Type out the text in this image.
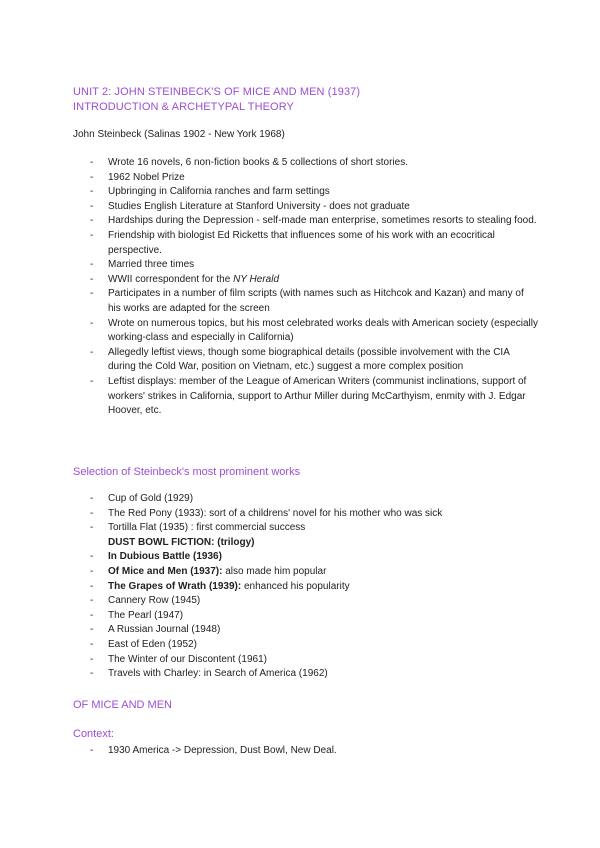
UNIT 2: JOHN STEINBECK'S OF MICE AND MEN (1937)
INTRODUCTION & ARCHETYPAL THEORY

John Steinbeck (Salinas 1902 - New York 1968)

- Wrote 16 novels, 6 non-fiction books & 5 collections of short stories.
- 1962 Nobel Prize
- Upbringing in California ranches and farm settings
- Studies English Literature at Stanford University - does not graduate
- Hardships during the Depression - self-made man enterprise, sometimes resorts to stealing food.
- Friendship with biologist Ed Ricketts that influences some of his work with an ecocritical perspective.
- Married three times
- WWII correspondent for the NY Herald
- Participates in a number of film scripts (with names such as Hitchcok and Kazan) and many of his works are adapted for the screen
- Wrote on numerous topics, but his most celebrated works deals with American society (especially working-class and especially in California)
- Allegedly leftist views, though some biographical details (possible involvement with the CIA during the Cold War, position on Vietnam, etc.) suggest a more complex position
- Leftist displays: member of the League of American Writers (communist inclinations, support of workers' strikes in California, support to Arthur Miller during McCarthyism, enmity with J. Edgar Hoover, etc.
Selection of Steinbeck's most prominent works
- Cup of Gold (1929)
- The Red Pony (1933): sort of a childrens' novel for his mother who was sick
- Tortilla Flat (1935) : first commercial success
DUST BOWL FICTION: (trilogy)
- In Dubious Battle (1936)
- Of Mice and Men (1937): also made him popular
- The Grapes of Wrath (1939): enhanced his popularity
- Cannery Row (1945)
- The Pearl (1947)
- A Russian Journal (1948)
- East of Eden (1952)
- The Winter of our Discontent (1961)
- Travels with Charley: in Search of America (1962)
OF MICE AND MEN
Context:
- 1930 America -> Depression, Dust Bowl, New Deal.
